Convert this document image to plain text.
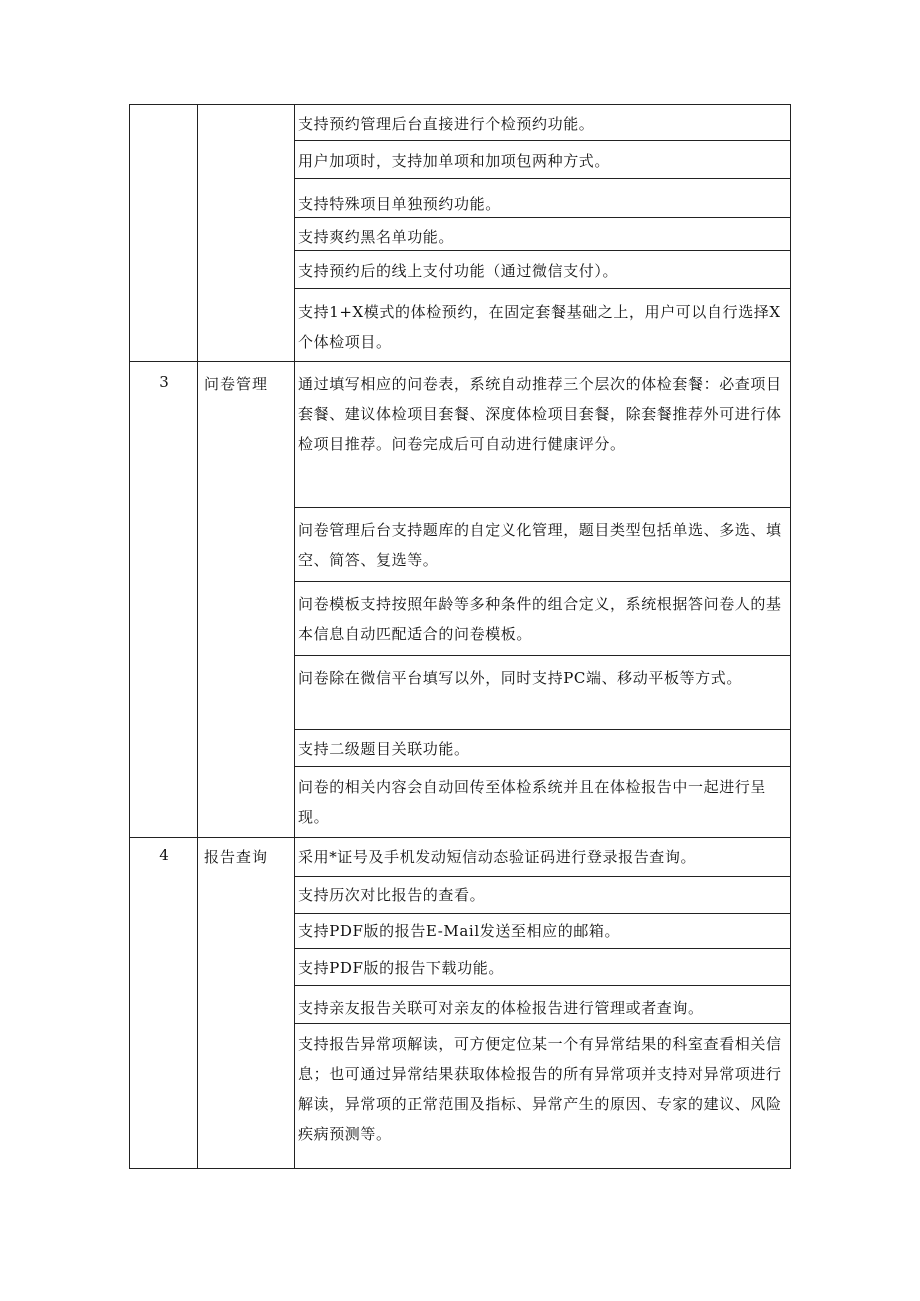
支持预约管理后台直接进行个检预约功能。
用户加项时，支持加单项和加项包两种方式。
支持特殊项目单独预约功能。
支持爽约黑名单功能。
支持预约后的线上支付功能（通过微信支付）。
支持1+X模式的体检预约，在固定套餐基础之上，用户可以自行选择X个体检项目。
3	问卷管理 通过填写相应的问卷表，系统自动推荐三个层次的体检套餐：必查项目套餐、建议体检项目套餐、深度体检项目套餐，除套餐推荐外可进行体检项目推荐。问卷完成后可自动进行健康评分。
问卷管理后台支持题库的自定义化管理，题目类型包括单选、多选、填空、简答、复选等。
问卷模板支持按照年龄等多种条件的组合定义，系统根据答问卷人的基本信息自动匹配适合的问卷模板。
问卷除在微信平台填写以外，同时支持PC端、移动平板等方式。
支持二级题目关联功能。
问卷的相关内容会自动回传至体检系统并且在体检报告中一起进行呈现。
4	报告查询 采用*证号及手机发动短信动态验证码进行登录报告查询。
支持历次对比报告的查看。
支持PDF版的报告E-Mail发送至相应的邮箱。
支持PDF版的报告下载功能。
支持亲友报告关联可对亲友的体检报告进行管理或者查询。
支持报告异常项解读，可方便定位某一个有异常结果的科室查看相关信息；也可通过异常结果获取体检报告的所有异常项并支持对异常项进行解读，异常项的正常范围及指标、异常产生的原因、专家的建议、风险疾病预测等。
